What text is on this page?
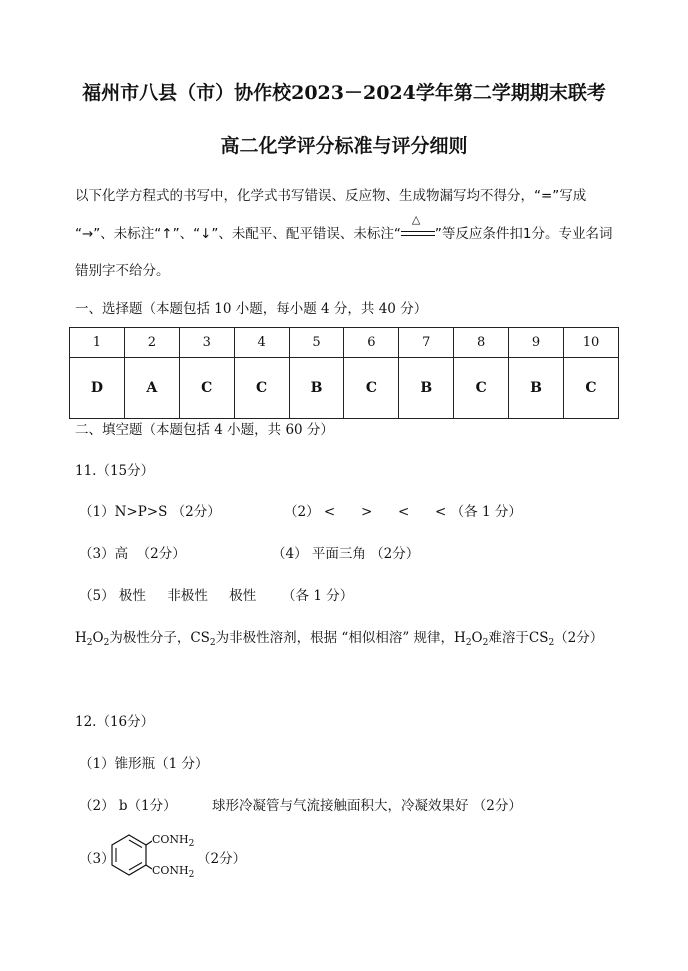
福州市八县（市）协作校2023－2024学年第二学期期末联考
高二化学评分标准与评分细则
以下化学方程式的书写中，化学式书写错误、反应物、生成物漏写均不得分，“=”写成
“→”、未标注“↑”、“↓”、未配平、配平错误、未标注“
△
”等反应条件扣1分。专业名词
错别字不给分。
一、选择题（本题包括 10 小题，每小题 4 分，共 40 分）
1	2	3	4	5	6	7	8	9	10
D	A	C	C	B	C	B	C	B	C
二、填空题（本题包括 4 小题，共 60 分）
11.（15分）
（1）N>P>S （2分）	（2） <      >      <      < （各 1 分）
（3）高  （2分）	（4） 平面三角 （2分）
（5） 极性     非极性     极性      （各 1 分）
$H_2O_2$为极性分子，$CS_2$为非极性溶剂，根据 “相似相溶” 规律，$H_2O_2$难溶于$CS_2(2$分）
12.（16分）
（1）锥形瓶（1 分）
（2） b（1分）	球形冷凝管与气流接触面积大，冷凝效果好 （2分）
（3）
$CONH_2$
$CONH_2$
（2分）
